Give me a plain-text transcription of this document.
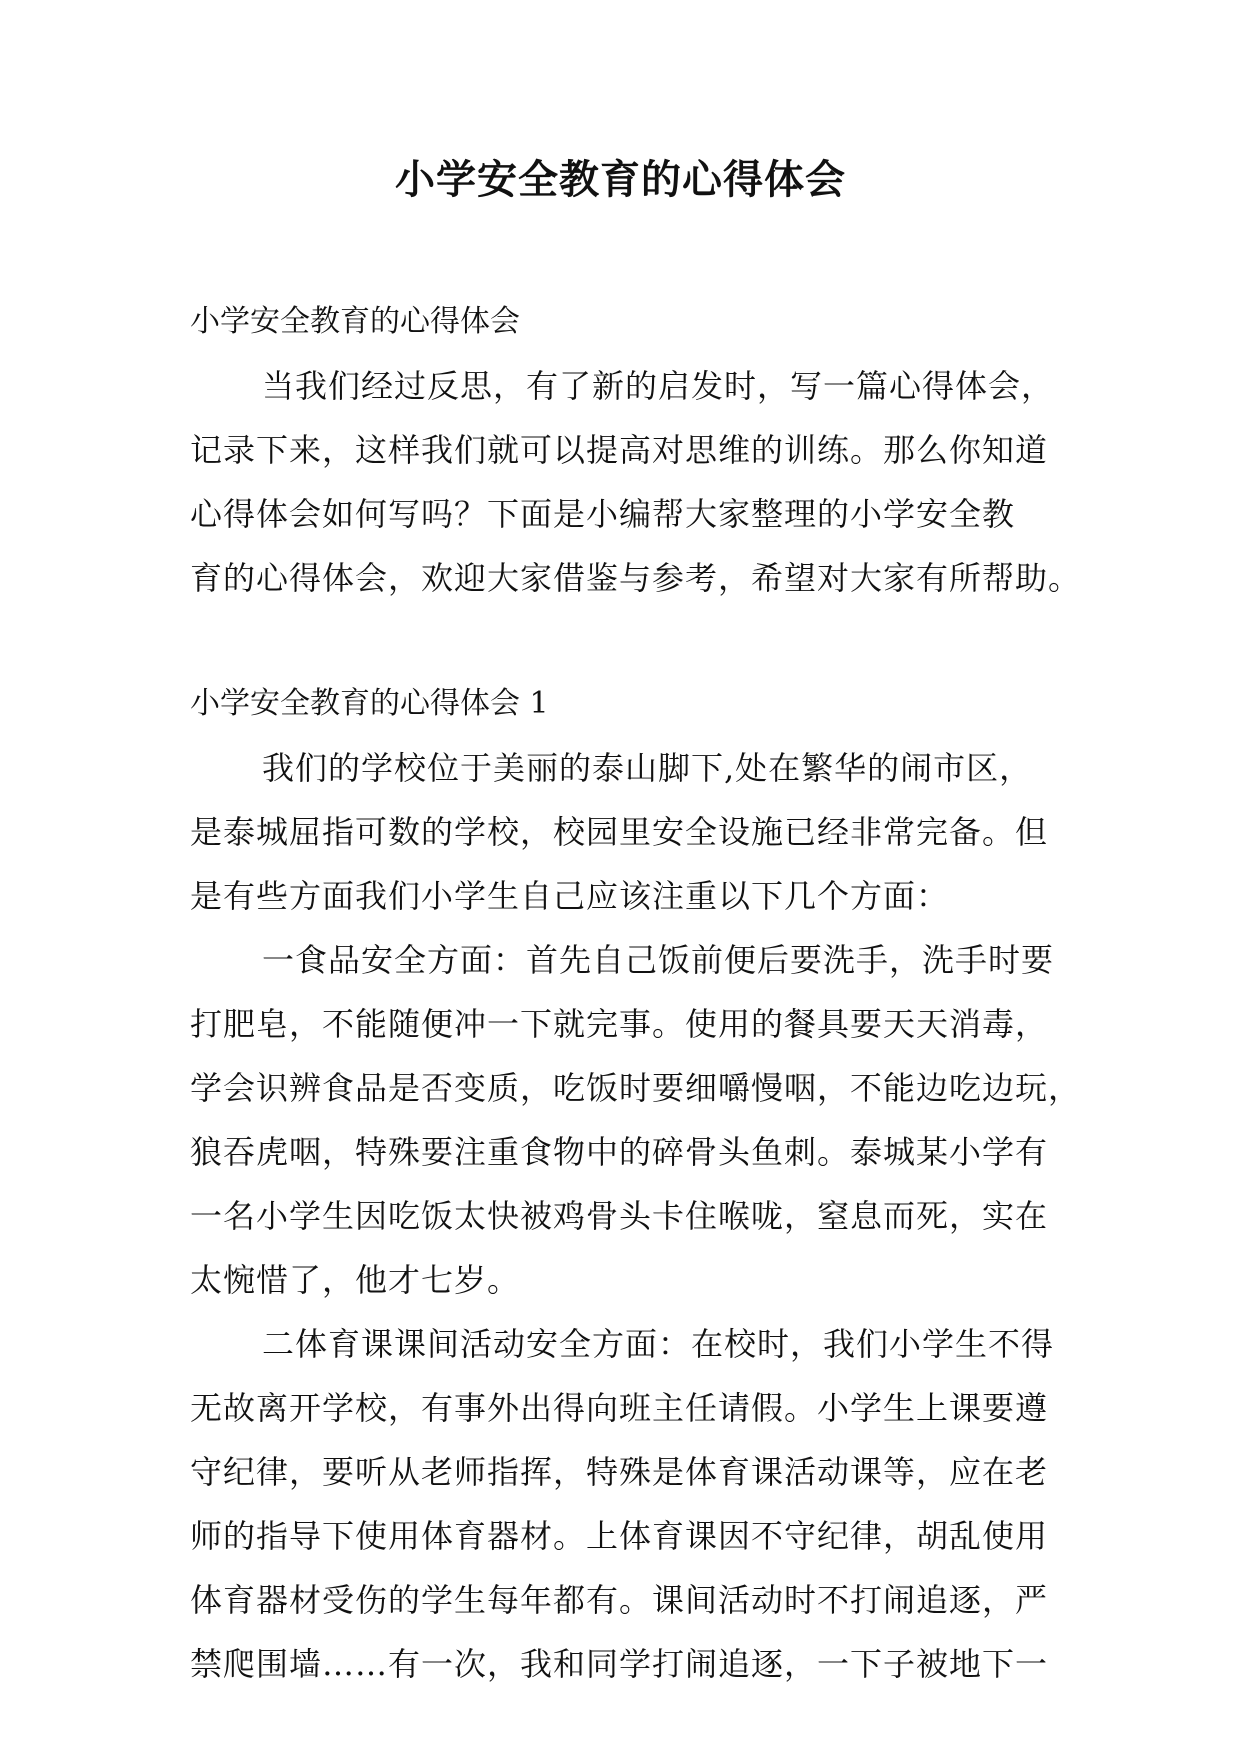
小学安全教育的心得体会

小学安全教育的心得体会

当我们经过反思，有了新的启发时，写一篇心得体会，

记录下来，这样我们就可以提高对思维的训练。那么你知道

心得体会如何写吗？下面是小编帮大家整理的小学安全教

育的心得体会，欢迎大家借鉴与参考，希望对大家有所帮助。

小学安全教育的心得体会 1

我们的学校位于美丽的泰山脚下,处在繁华的闹市区，

是泰城屈指可数的学校，校园里安全设施已经非常完备。但

是有些方面我们小学生自己应该注重以下几个方面：

一食品安全方面：首先自己饭前便后要洗手，洗手时要

打肥皂，不能随便冲一下就完事。使用的餐具要天天消毒，

学会识辨食品是否变质，吃饭时要细嚼慢咽，不能边吃边玩，

狼吞虎咽，特殊要注重食物中的碎骨头鱼刺。泰城某小学有

一名小学生因吃饭太快被鸡骨头卡住喉咙，窒息而死，实在

太惋惜了，他才七岁。

二体育课课间活动安全方面：在校时，我们小学生不得

无故离开学校，有事外出得向班主任请假。小学生上课要遵

守纪律，要听从老师指挥，特殊是体育课活动课等，应在老

师的指导下使用体育器材。上体育课因不守纪律，胡乱使用

体育器材受伤的学生每年都有。课间活动时不打闹追逐，严

禁爬围墙……有一次，我和同学打闹追逐，一下子被地下一
